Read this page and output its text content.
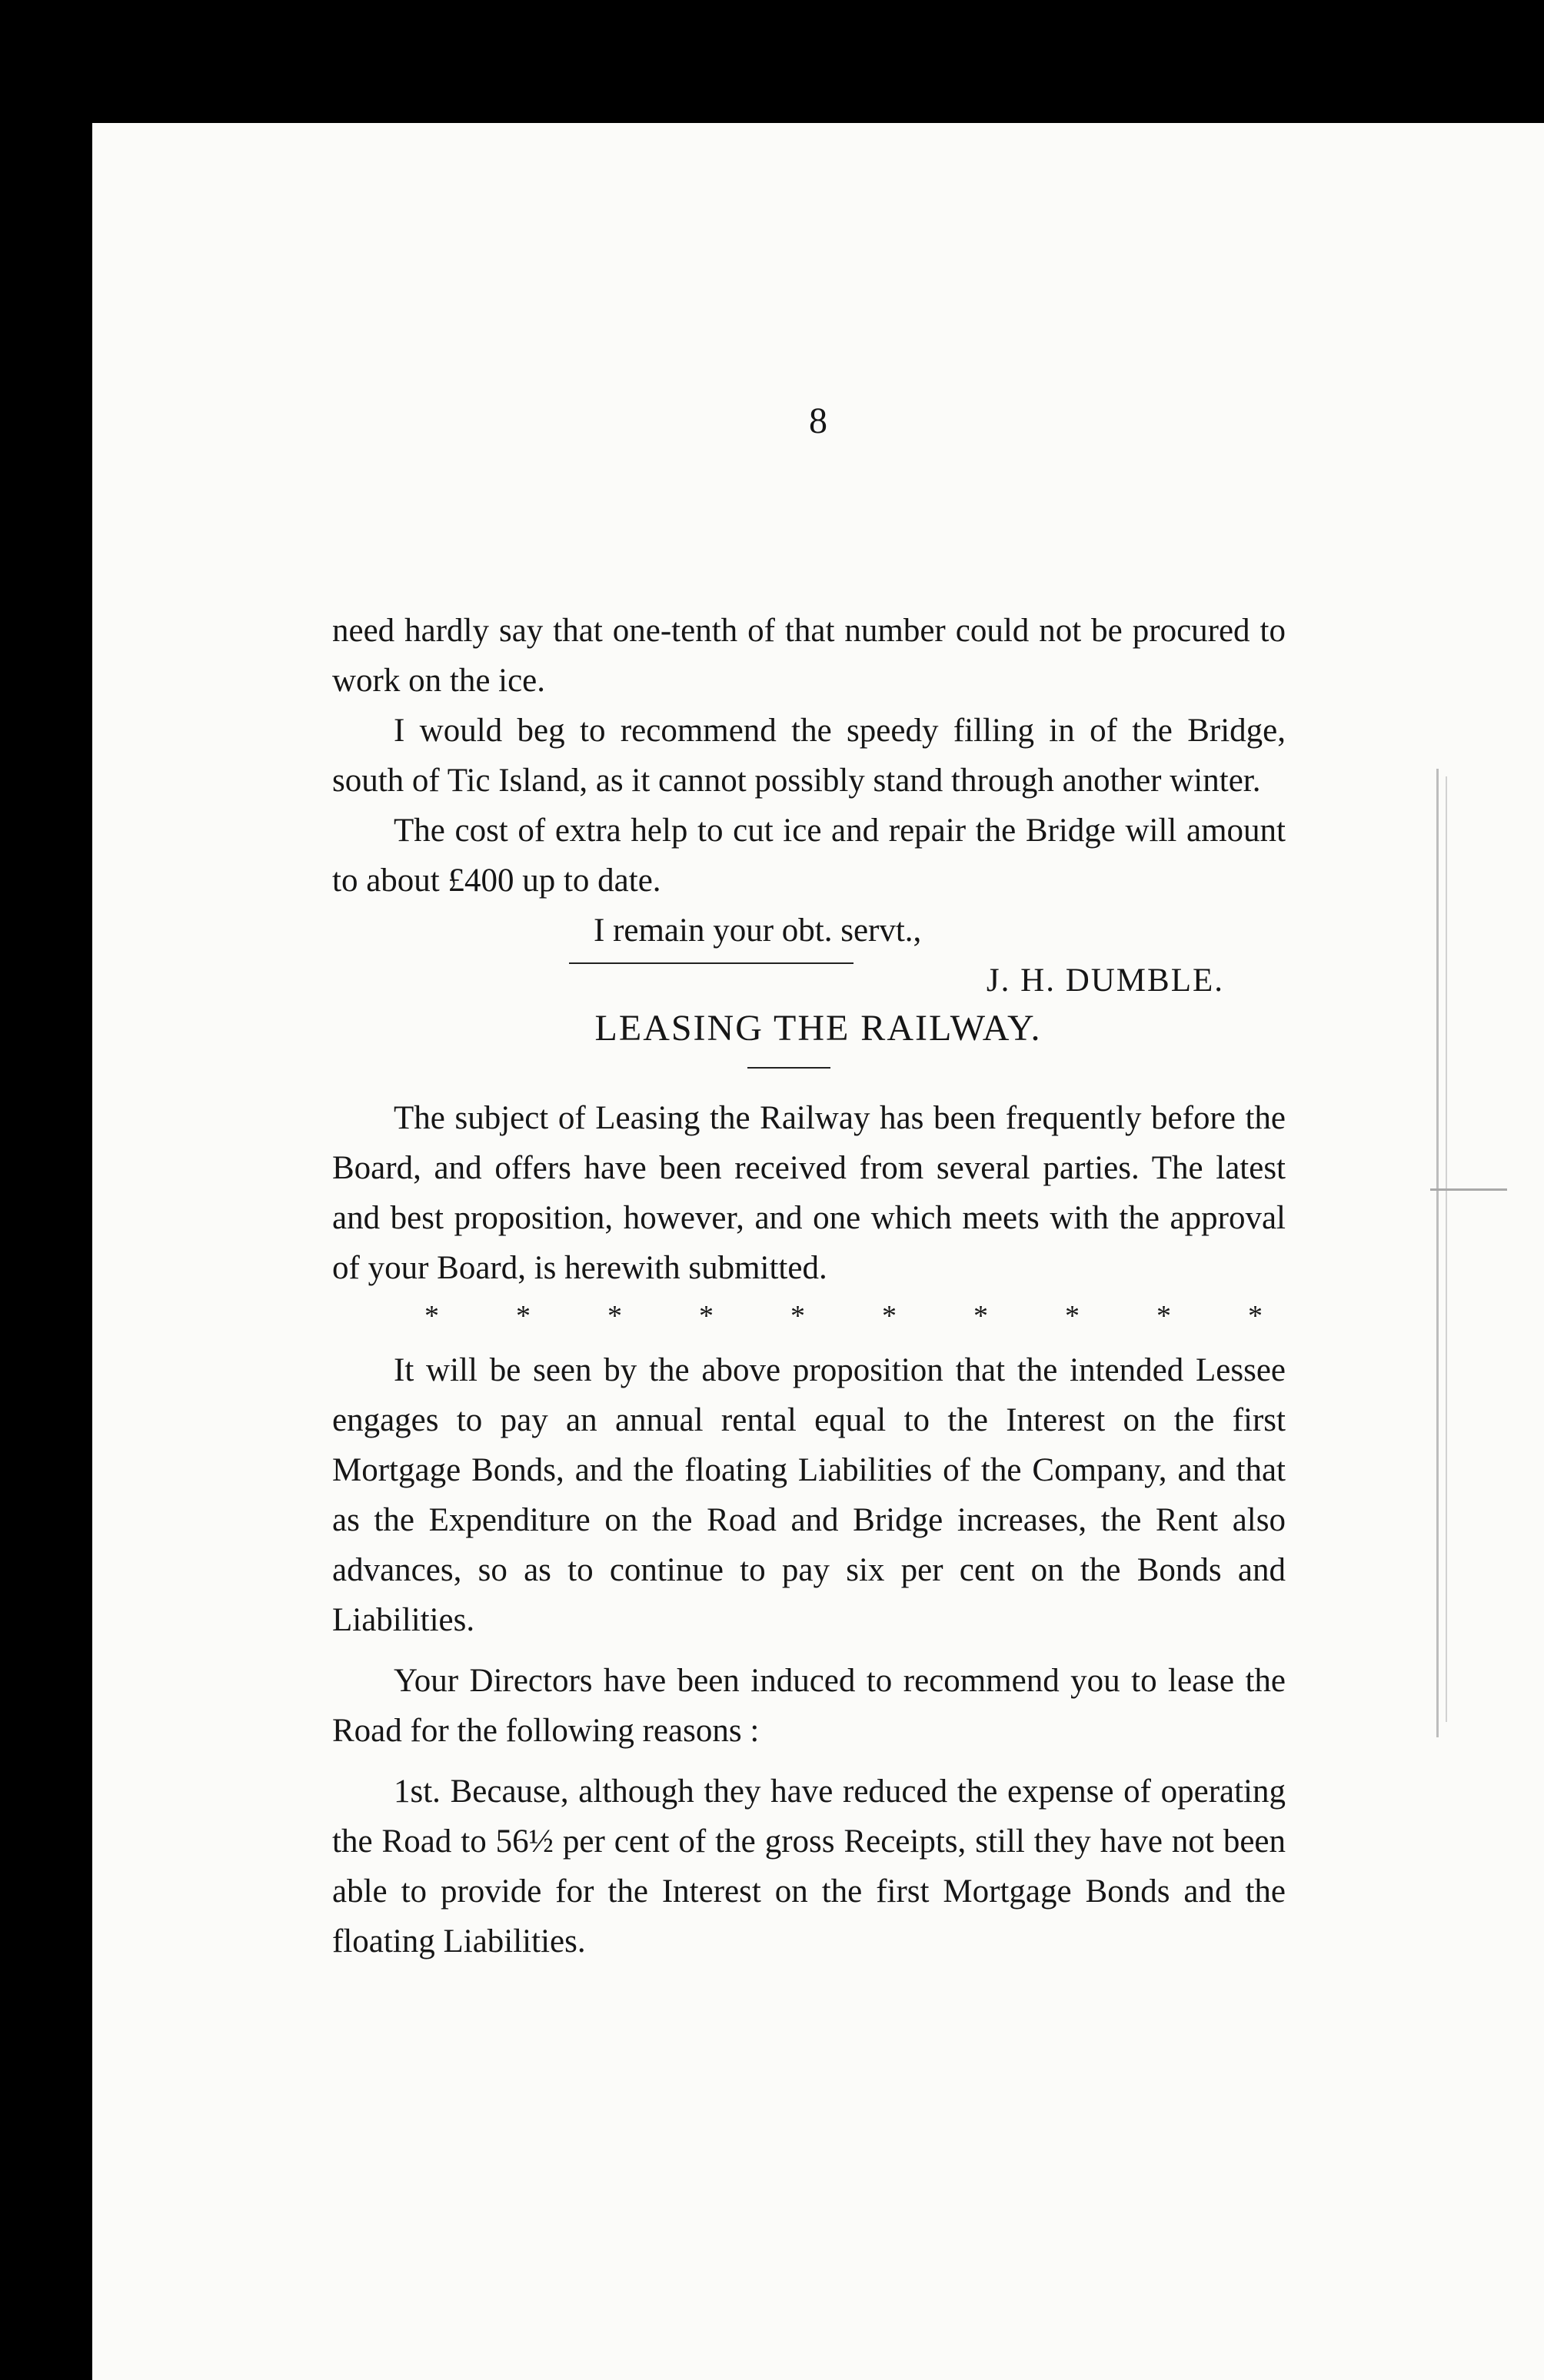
8

need hardly say that one-tenth of that number could not be procured to work on the ice.

I would beg to recommend the speedy filling in of the Bridge, south of Tic Island, as it cannot possibly stand through another winter.

The cost of extra help to cut ice and repair the Bridge will amount to about £400 up to date.

I remain your obt. servt.,

J. H. DUMBLE.

LEASING THE RAILWAY.

The subject of Leasing the Railway has been frequently before the Board, and offers have been received from several parties. The latest and best proposition, however, and one which meets with the approval of your Board, is herewith submitted.

*	*	*	*	*	*	*	*	*	*

It will be seen by the above proposition that the intended Lessee engages to pay an annual rental equal to the Interest on the first Mortgage Bonds, and the floating Liabilities of the Company, and that as the Expenditure on the Road and Bridge increases, the Rent also advances, so as to continue to pay six per cent on the Bonds and Liabilities.

Your Directors have been induced to recommend you to lease the Road for the following reasons :

1st. Because, although they have reduced the expense of operating the Road to 56½ per cent of the gross Receipts, still they have not been able to provide for the Interest on the first Mortgage Bonds and the floating Liabilities.
